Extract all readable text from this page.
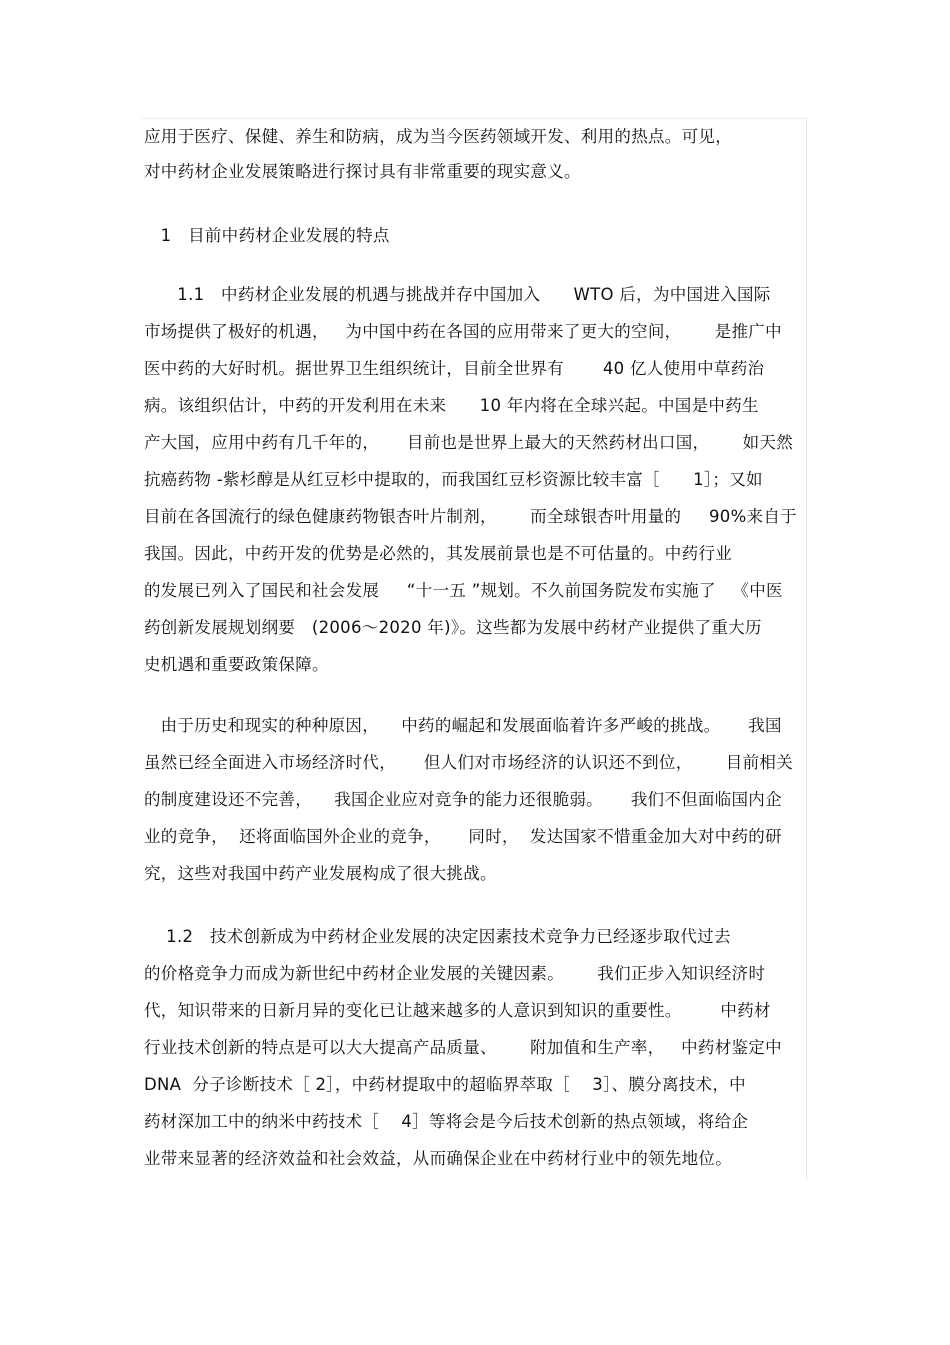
应用于医疗、保健、养生和防病，成为当今医药领域开发、利用的热点。可见，
对中药材企业发展策略进行探讨具有非常重要的现实意义。
1   目前中药材企业发展的特点
1.1   中药材企业发展的机遇与挑战并存中国加入      WTO 后，为中国进入国际
市场提供了极好的机遇，   为中国中药在各国的应用带来了更大的空间，      是推广中
医中药的大好时机。据世界卫生组织统计，目前全世界有       40 亿人使用中草药治
病。该组织估计，中药的开发利用在未来      10 年内将在全球兴起。中国是中药生
产大国，应用中药有几千年的，     目前也是世界上最大的天然药材出口国，      如天然
抗癌药物 -紫杉醇是从红豆杉中提取的，而我国红豆杉资源比较丰富［      1］；又如
目前在各国流行的绿色健康药物银杏叶片制剂，      而全球银杏叶用量的     90%来自于
我国。因此，中药开发的优势是必然的，其发展前景也是不可估量的。中药行业
的发展已列入了国民和社会发展     “十一五 ”规划。不久前国务院发布实施了   《中医
药创新发展规划纲要   (2006～2020 年)》。这些都为发展中药材产业提供了重大历
史机遇和重要政策保障。
由于历史和现实的种种原因，    中药的崛起和发展面临着许多严峻的挑战。     我国
虽然已经全面进入市场经济时代，     但人们对市场经济的认识还不到位，      目前相关
的制度建设还不完善，    我国企业应对竞争的能力还很脆弱。     我们不但面临国内企
业的竞争，  还将面临国外企业的竞争，     同时，  发达国家不惜重金加大对中药的研
究，这些对我国中药产业发展构成了很大挑战。
1.2   技术创新成为中药材企业发展的决定因素技术竞争力已经逐步取代过去
的价格竞争力而成为新世纪中药材企业发展的关键因素。      我们正步入知识经济时
代，知识带来的日新月异的变化已让越来越多的人意识到知识的重要性。       中药材
行业技术创新的特点是可以大大提高产品质量、      附加值和生产率，   中药材鉴定中
DNA  分子诊断技术［ 2］，中药材提取中的超临界萃取［    3］、膜分离技术，中
药材深加工中的纳米中药技术［    4］等将会是今后技术创新的热点领域，将给企
业带来显著的经济效益和社会效益，从而确保企业在中药材行业中的领先地位。
